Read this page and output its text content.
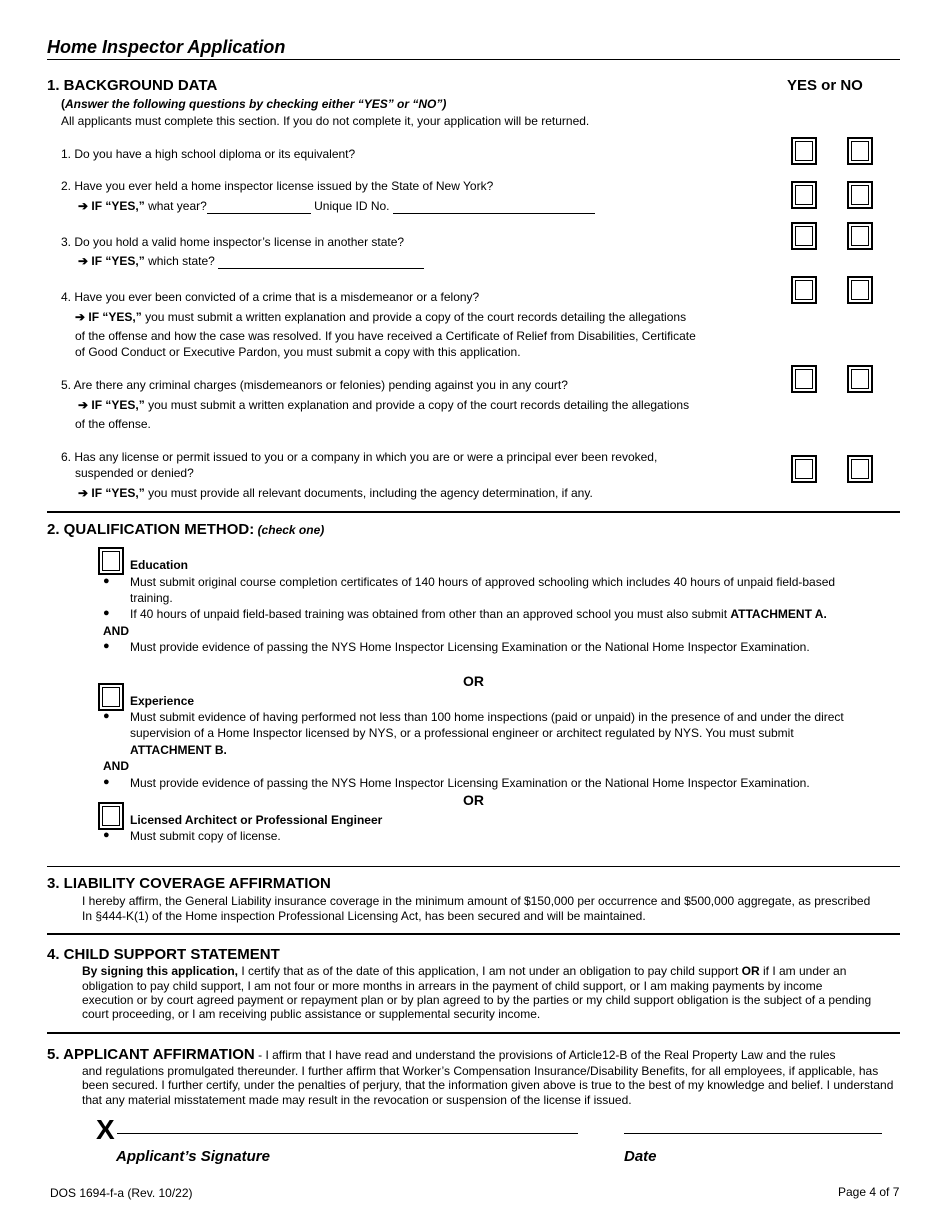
Home Inspector Application
1. BACKGROUND DATA	YES or NO
(Answer the following questions by checking either “YES” or “NO”)
All applicants must complete this section. If you do not complete it, your application will be returned.
1. Do you have a high school diploma or its equivalent?
2. Have you ever held a home inspector license issued by the State of New York?
➔ IF “YES,” what year?	Unique ID No.
3. Do you hold a valid home inspector’s license in another state?
➔ IF “YES,” which state?
4. Have you ever been convicted of a crime that is a misdemeanor or a felony?
➔ IF “YES,” you must submit a written explanation and provide a copy of the court records detailing the allegations
of the offense and how the case was resolved. If you have received a Certificate of Relief from Disabilities, Certificate
of Good Conduct or Executive Pardon, you must submit a copy with this application.
5. Are there any criminal charges (misdemeanors or felonies) pending against you in any court?
➔ IF “YES,” you must submit a written explanation and provide a copy of the court records detailing the allegations
of the offense.
6. Has any license or permit issued to you or a company in which you are or were a principal ever been revoked,
suspended or denied?
➔ IF “YES,” you must provide all relevant documents, including the agency determination, if any.
2. QUALIFICATION METHOD: (check one)
Education
● Must submit original course completion certificates of 140 hours of approved schooling which includes 40 hours of unpaid field-based
training.
● If 40 hours of unpaid field-based training was obtained from other than an approved school you must also submit ATTACHMENT A.
AND
● Must provide evidence of passing the NYS Home Inspector Licensing Examination or the National Home Inspector Examination.
OR
Experience
● Must submit evidence of having performed not less than 100 home inspections (paid or unpaid) in the presence of and under the direct
supervision of a Home Inspector licensed by NYS, or a professional engineer or architect regulated by NYS. You must submit
ATTACHMENT B.
AND
● Must provide evidence of passing the NYS Home Inspector Licensing Examination or the National Home Inspector Examination.
OR
Licensed Architect or Professional Engineer
● Must submit copy of license.
3. LIABILITY COVERAGE AFFIRMATION
I hereby affirm, the General Liability insurance coverage in the minimum amount of $150,000 per occurrence and $500,000 aggregate, as prescribed
In §444-K(1) of the Home inspection Professional Licensing Act, has been secured and will be maintained.
4. CHILD SUPPORT STATEMENT
By signing this application, I certify that as of the date of this application, I am not under an obligation to pay child support OR if I am under an
obligation to pay child support, I am not four or more months in arrears in the payment of child support, or I am making payments by income
execution or by court agreed payment or repayment plan or by plan agreed to by the parties or my child support obligation is the subject of a pending
court proceeding, or I am receiving public assistance or supplemental security income.
5. APPLICANT AFFIRMATION - I affirm that I have read and understand the provisions of Article12-B of the Real Property Law and the rules
and regulations promulgated thereunder. I further affirm that Worker’s Compensation Insurance/Disability Benefits, for all employees, if applicable, has
been secured. I further certify, under the penalties of perjury, that the information given above is true to the best of my knowledge and belief. I understand
that any material misstatement made may result in the revocation or suspension of the license if issued.
X
Applicant’s Signature	Date
DOS 1694-f-a (Rev. 10/22)	Page 4 of 7
